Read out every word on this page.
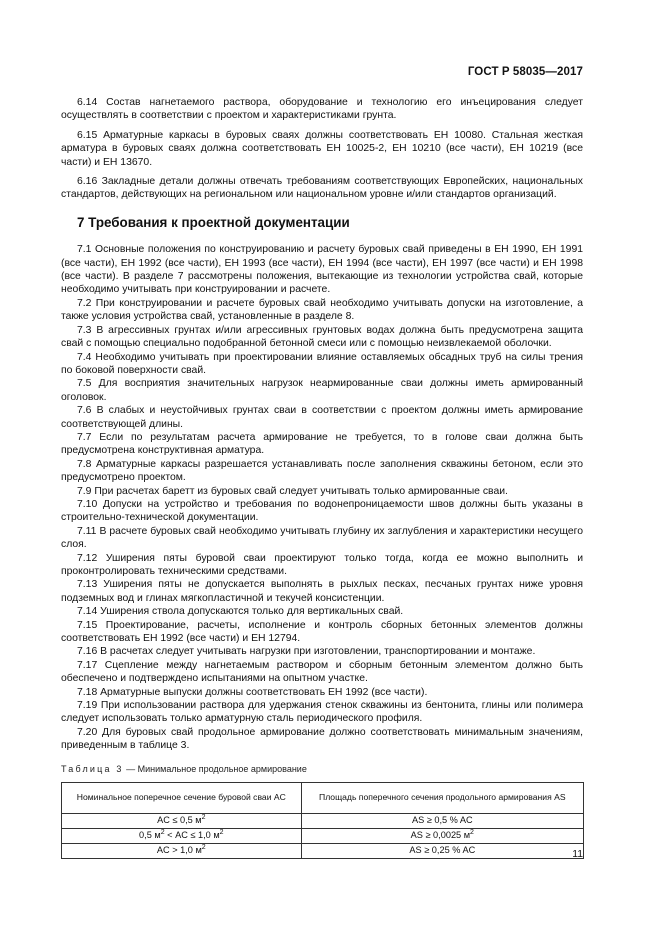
ГОСТ Р 58035—2017

6.14 Состав нагнетаемого раствора, оборудование и технологию его инъецирования следует осуществлять в соответствии с проектом и характеристиками грунта.

6.15 Арматурные каркасы в буровых сваях должны соответствовать ЕН 10080. Стальная жесткая арматура в буровых сваях должна соответствовать ЕН 10025-2, ЕН 10210 (все части), ЕН 10219 (все части) и ЕН 13670.

6.16 Закладные детали должны отвечать требованиям соответствующих Европейских, национальных стандартов, действующих на региональном или национальном уровне и/или стандартов организаций.

7 Требования к проектной документации

7.1 Основные положения по конструированию и расчету буровых свай приведены в ЕН 1990, ЕН 1991 (все части), ЕН 1992 (все части), ЕН 1993 (все части), ЕН 1994 (все части), ЕН 1997 (все части) и ЕН 1998 (все части). В разделе 7 рассмотрены положения, вытекающие из технологии устройства свай, которые необходимо учитывать при конструировании и расчете.

7.2 При конструировании и расчете буровых свай необходимо учитывать допуски на изготовление, а также условия устройства свай, установленные в разделе 8.

7.3 В агрессивных грунтах и/или агрессивных грунтовых водах должна быть предусмотрена защита свай с помощью специально подобранной бетонной смеси или с помощью неизвлекаемой оболочки.

7.4 Необходимо учитывать при проектировании влияние оставляемых обсадных труб на силы трения по боковой поверхности свай.

7.5 Для восприятия значительных нагрузок неармированные сваи должны иметь армированный оголовок.

7.6 В слабых и неустойчивых грунтах сваи в соответствии с проектом должны иметь армирование соответствующей длины.

7.7 Если по результатам расчета армирование не требуется, то в голове сваи должна быть предусмотрена конструктивная арматура.

7.8 Арматурные каркасы разрешается устанавливать после заполнения скважины бетоном, если это предусмотрено проектом.

7.9 При расчетах баретт из буровых свай следует учитывать только армированные сваи.

7.10 Допуски на устройство и требования по водонепроницаемости швов должны быть указаны в строительно-технической документации.

7.11 В расчете буровых свай необходимо учитывать глубину их заглубления и характеристики несущего слоя.

7.12 Уширения пяты буровой сваи проектируют только тогда, когда ее можно выполнить и проконтролировать техническими средствами.

7.13 Уширения пяты не допускается выполнять в рыхлых песках, песчаных грунтах ниже уровня подземных вод и глинах мягкопластичной и текучей консистенции.

7.14 Уширения ствола допускаются только для вертикальных свай.

7.15 Проектирование, расчеты, исполнение и контроль сборных бетонных элементов должны соответствовать ЕН 1992 (все части) и ЕН 12794.

7.16 В расчетах следует учитывать нагрузки при изготовлении, транспортировании и монтаже.

7.17 Сцепление между нагнетаемым раствором и сборным бетонным элементом должно быть обеспечено и подтверждено испытаниями на опытном участке.

7.18 Арматурные выпуски должны соответствовать ЕН 1992 (все части).

7.19 При использовании раствора для удержания стенок скважины из бентонита, глины или полимера следует использовать только арматурную сталь периодического профиля.

7.20 Для буровых свай продольное армирование должно соответствовать минимальным значениям, приведенным в таблице 3.

Таблица 3 — Минимальное продольное армирование
Номинальное поперечное сечение буровой сваи AC	Площадь поперечного сечения продольного армирования AS
AC ≤ 0,5 $м^2$	AS ≥ 0,5 % AC
0,5 $м^2$ < AC ≤ 1,0 $м^2$	AS ≥ 0,0025 $м^2$
AC > 1,0 $м^2$	AS ≥ 0,25 % AC	11
